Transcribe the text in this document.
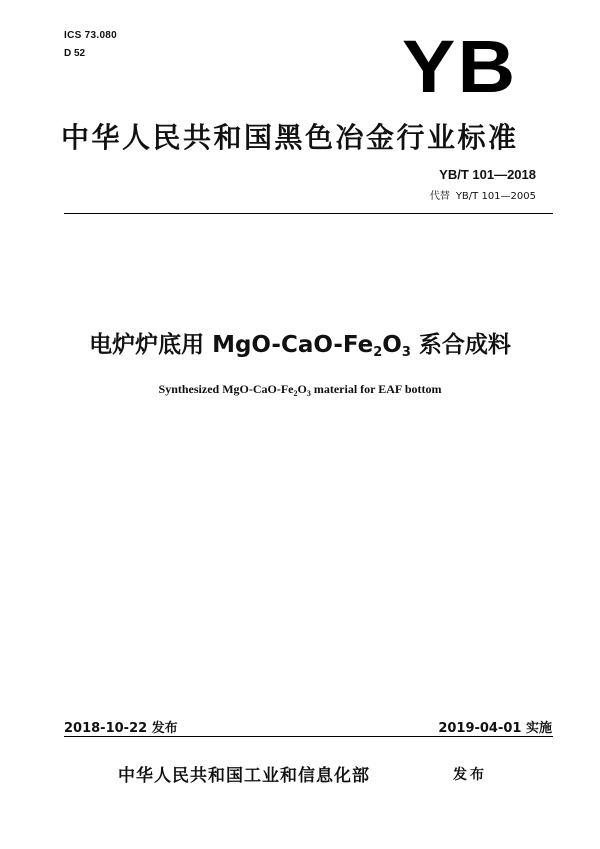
ICS 73.080
D 52	YB
中华人民共和国黑色冶金行业标准
YB/T 101—2018
代替 YB/T 101—2005
电炉炉底用 MgO-$CaO-Fe_2O_3$ 系合成料
Synthesized MgO-$CaO-Fe_2O_3$ material for EAF bottom
2018-10-22 发布	2019-04-01 实施
中华人民共和国工业和信息化部	发布
